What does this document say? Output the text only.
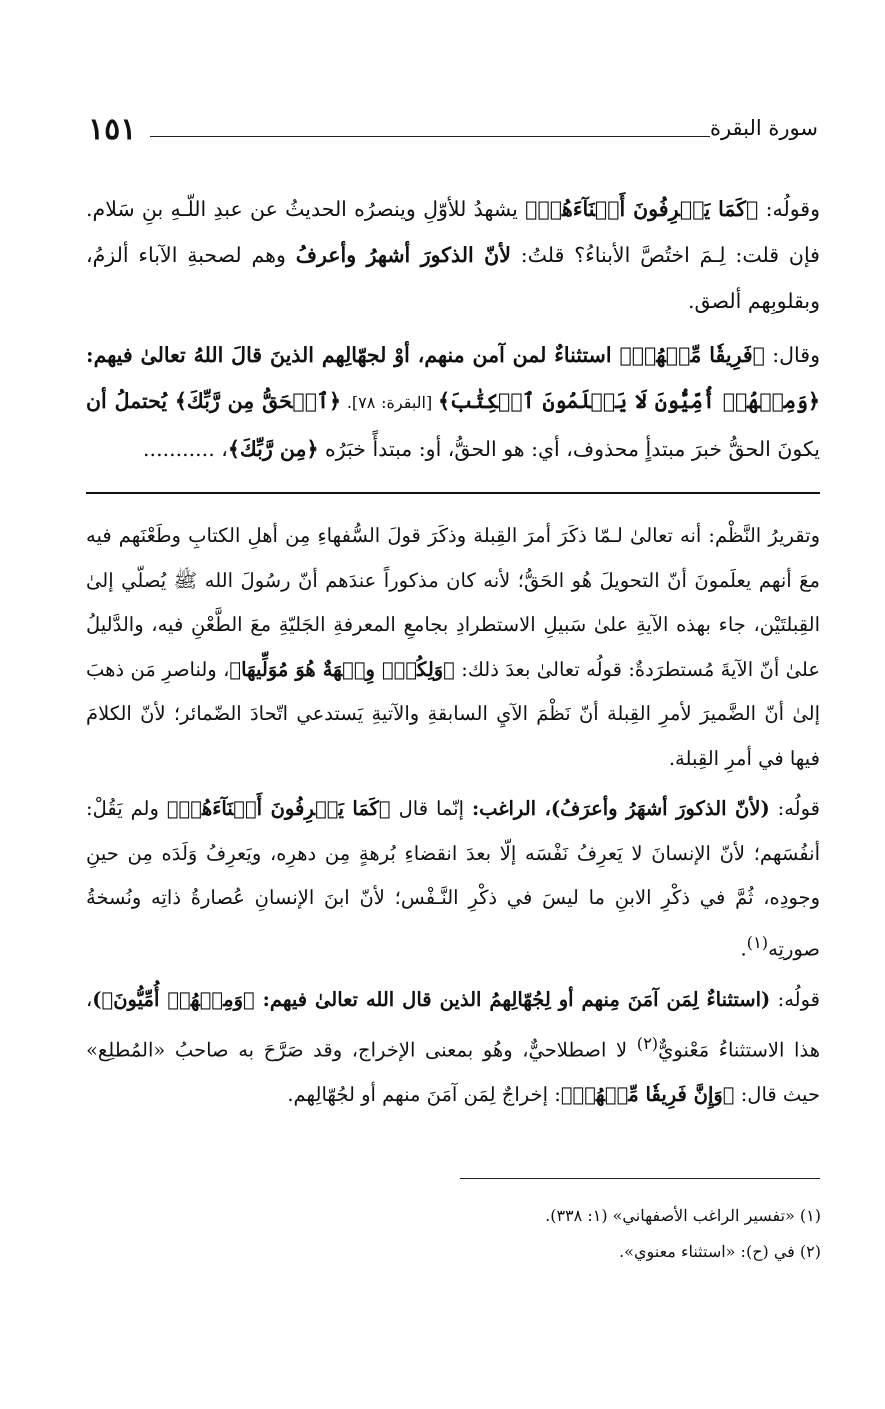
سورة البقرة
١٥١

وقولُه: ﴿كَمَا يَعۡرِفُونَ أَبۡنَآءَهُمۡ﴾ يشهدُ للأوّلِ وينصرُه الحديثُ عن عبدِ اللّـهِ بنِ سَلام. فإن قلت: لِـمَ اختُصَّ الأبناءُ؟ قلتُ: لأنّ الذكورَ أشهرُ وأعرفُ وهم لصحبةِ الآباء ألزمُ، وبقلوبِهم ألصق.

وقال: ﴿فَرِيقٗا مِّنۡهُمۡ﴾ استثناءٌ لمن آمن منهم، أوْ لجهّالِهم الذينَ قالَ اللهُ تعالىٰ فيهم: ﴿وَمِنۡهُمۡ أُمِّيُّونَ لَا يَعۡلَمُونَ ٱلۡكِتَٰبَ﴾ [البقرة: ٧٨]. ﴿ٱلۡحَقُّ مِن رَّبِّكَ﴾ يُحتملُ أن يكونَ الحقُّ خبرَ مبتدأٍ محذوف، أي: هو الحقُّ، أو: مبتدأً خبَرُه ﴿مِن رَّبِّكَ﴾، ...........

وتقريرُ النَّظْم: أنه تعالىٰ لـمّا ذكَرَ أمرَ القِبلة وذكَرَ قولَ السُّفهاءِ مِن أهلِ الكتابِ وطَعْنَهم فيه معَ أنهم يعلَمونَ أنّ التحويلَ هُو الحَقُّ؛ لأنه كان مذكوراً عندَهم أنّ رسُولَ الله ﷺ يُصلّي إلىٰ القِبلتَيْن، جاء بهذه الآيةِ علىٰ سَبيلِ الاستطرادِ بجامعِ المعرفةِ الجَليّةِ معَ الطَّعْنِ فيه، والدَّليلُ علىٰ أنّ الآيةَ مُستطرَدةٌ: قولُه تعالىٰ بعدَ ذلك: ﴿وَلِكُلّٖ وِجۡهَةٌ هُوَ مُوَلِّيهَا﴾، ولناصرِ مَن ذهبَ إلىٰ أنّ الضَّميرَ لأمرِ القِبلة أنّ نَظْمَ الآيِ السابقةِ والآتيةِ يَستدعي اتّحادَ الضّمائر؛ لأنّ الكلامَ فيها في أمرِ القِبلة.

قولُه: (لأنّ الذكورَ أشهَرُ وأعرَفُ)، الراغب: إنّما قال ﴿كَمَا يَعۡرِفُونَ أَبۡنَآءَهُمۡ﴾ ولم يَقُلْ: أنفُسَهم؛ لأنّ الإنسانَ لا يَعرِفُ نَفْسَه إلّا بعدَ انقضاءِ بُرهةٍ مِن دهرِه، ويَعرِفُ وَلَدَه مِن حينِ وجودِه، ثُمَّ في ذكْرِ الابنِ ما ليسَ في ذكْرِ النَّـفْس؛ لأنّ ابنَ الإنسانِ عُصارةُ ذاتِه ونُسخةُ صورتِه$^{(١)}$.

قولُه: (استثناءٌ لِمَن آمَنَ مِنهم أو لِجُهّالِهمُ الذين قال الله تعالىٰ فيهم: ﴿وَمِنۡهُمۡ أُمِّيُّونَ﴾)، هذا الاستثناءُ مَعْنويٌّ$^{(٢)}$ لا اصطلاحيٌّ، وهُو بمعنى الإخراج، وقد صَرَّحَ به صاحبُ «المُطلِع» حيث قال: ﴿وَإِنَّ فَرِيقٗا مِّنۡهُمۡ﴾: إخراجٌ لِمَن آمَنَ منهم أو لجُهّالِهم.

(١) «تفسير الراغب الأصفهاني» (١: ٣٣٨).

(٢) في (ح): «استثناء معنوي».
